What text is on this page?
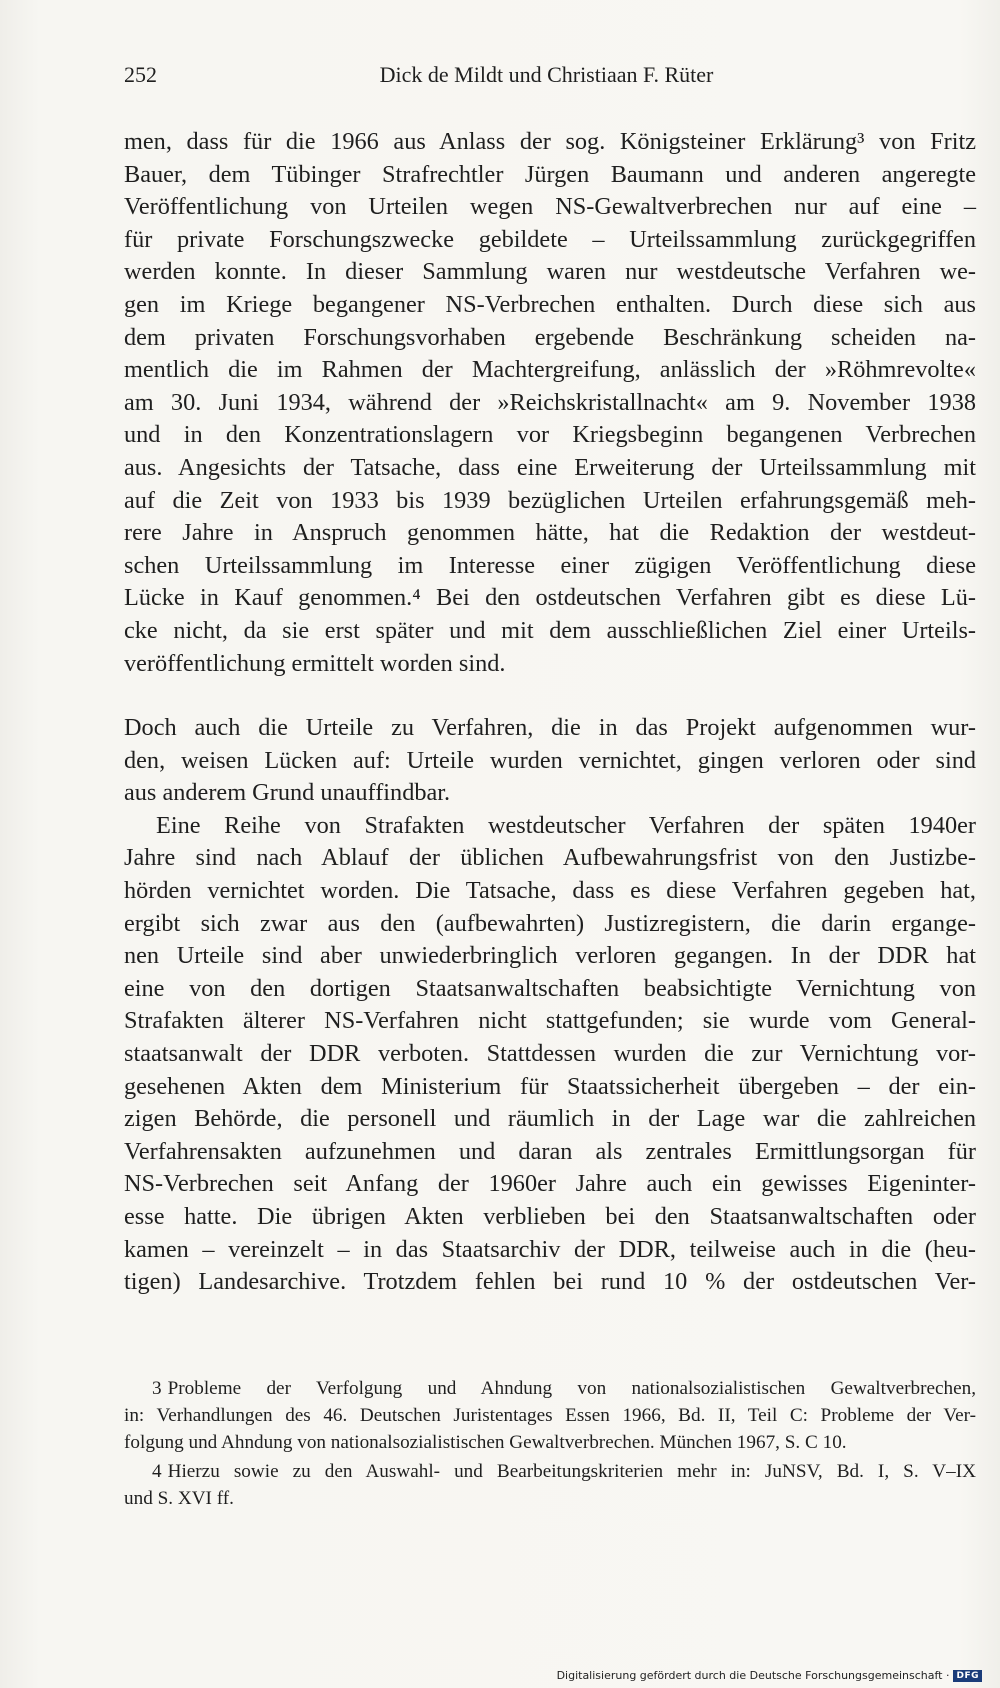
252	Dick de Mildt und Christiaan F. Rüter

men, dass für die 1966 aus Anlass der sog. Königsteiner Erklärung³ von Fritz
Bauer, dem Tübinger Strafrechtler Jürgen Baumann und anderen angeregte
Veröffentlichung von Urteilen wegen NS-Gewaltverbrechen nur auf eine –
für private Forschungszwecke gebildete – Urteilssammlung zurückgegriffen
werden konnte. In dieser Sammlung waren nur westdeutsche Verfahren we-
gen im Kriege begangener NS-Verbrechen enthalten. Durch diese sich aus
dem privaten Forschungsvorhaben ergebende Beschränkung scheiden na-
mentlich die im Rahmen der Machtergreifung, anlässlich der »Röhmrevolte«
am 30. Juni 1934, während der »Reichskristallnacht« am 9. November 1938
und in den Konzentrationslagern vor Kriegsbeginn begangenen Verbrechen
aus. Angesichts der Tatsache, dass eine Erweiterung der Urteilssammlung mit
auf die Zeit von 1933 bis 1939 bezüglichen Urteilen erfahrungsgemäß meh-
rere Jahre in Anspruch genommen hätte, hat die Redaktion der westdeut-
schen Urteilssammlung im Interesse einer zügigen Veröffentlichung diese
Lücke in Kauf genommen.⁴ Bei den ostdeutschen Verfahren gibt es diese Lü-
cke nicht, da sie erst später und mit dem ausschließlichen Ziel einer Urteils-
veröffentlichung ermittelt worden sind.

Doch auch die Urteile zu Verfahren, die in das Projekt aufgenommen wur-
den, weisen Lücken auf: Urteile wurden vernichtet, gingen verloren oder sind
aus anderem Grund unauffindbar.

Eine Reihe von Strafakten westdeutscher Verfahren der späten 1940er
Jahre sind nach Ablauf der üblichen Aufbewahrungsfrist von den Justizbe-
hörden vernichtet worden. Die Tatsache, dass es diese Verfahren gegeben hat,
ergibt sich zwar aus den (aufbewahrten) Justizregistern, die darin ergange-
nen Urteile sind aber unwiederbringlich verloren gegangen. In der DDR hat
eine von den dortigen Staatsanwaltschaften beabsichtigte Vernichtung von
Strafakten älterer NS-Verfahren nicht stattgefunden; sie wurde vom General-
staatsanwalt der DDR verboten. Stattdessen wurden die zur Vernichtung vor-
gesehenen Akten dem Ministerium für Staatssicherheit übergeben – der ein-
zigen Behörde, die personell und räumlich in der Lage war die zahlreichen
Verfahrensakten aufzunehmen und daran als zentrales Ermittlungsorgan für
NS-Verbrechen seit Anfang der 1960er Jahre auch ein gewisses Eigeninter-
esse hatte. Die übrigen Akten verblieben bei den Staatsanwaltschaften oder
kamen – vereinzelt – in das Staatsarchiv der DDR, teilweise auch in die (heu-
tigen) Landesarchive. Trotzdem fehlen bei rund 10 % der ostdeutschen Ver-

3 Probleme der Verfolgung und Ahndung von nationalsozialistischen Gewaltverbrechen,
in: Verhandlungen des 46. Deutschen Juristentages Essen 1966, Bd. II, Teil C: Probleme der Ver-
folgung und Ahndung von nationalsozialistischen Gewaltverbrechen. München 1967, S. C 10.

4 Hierzu sowie zu den Auswahl- und Bearbeitungskriterien mehr in: JuNSV, Bd. I, S. V–IX
und S. XVI ff.

Digitalisierung gefördert durch die Deutsche Forschungsgemeinschaft · DFG
